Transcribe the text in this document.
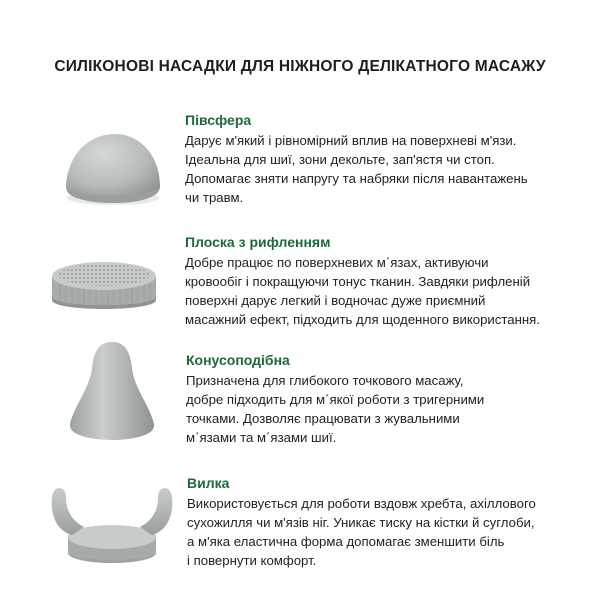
СИЛІКОНОВІ НАСАДКИ ДЛЯ НІЖНОГО ДЕЛІКАТНОГО МАСАЖУ
Півсфера
Дарує м'який і рівномірний вплив на поверхневі м'язи.
Ідеальна для шиї, зони декольте, зап'ястя чи стоп.
Допомагає зняти напругу та набряки після навантажень
чи травм.
Плоска з рифленням
Добре працює по поверхневих м΄язах, активуючи
кровообіг і покращуючи тонус тканин. Завдяки рифленій
поверхні дарує легкий і водночас дуже приємний
масажний ефект, підходить для щоденного використання.
Конусоподібна
Призначена для глибокого точкового масажу,
добре підходить для м΄якої роботи з тригерними
точками. Дозволяє працювати з жувальними
м΄язами та м΄язами шиї.
Вилка
Використовується для роботи вздовж хребта, ахіллового
сухожилля чи м'язів ніг. Уникає тиску на кістки й суглоби,
а м'яка еластична форма допомагає зменшити біль
і повернути комфорт.
